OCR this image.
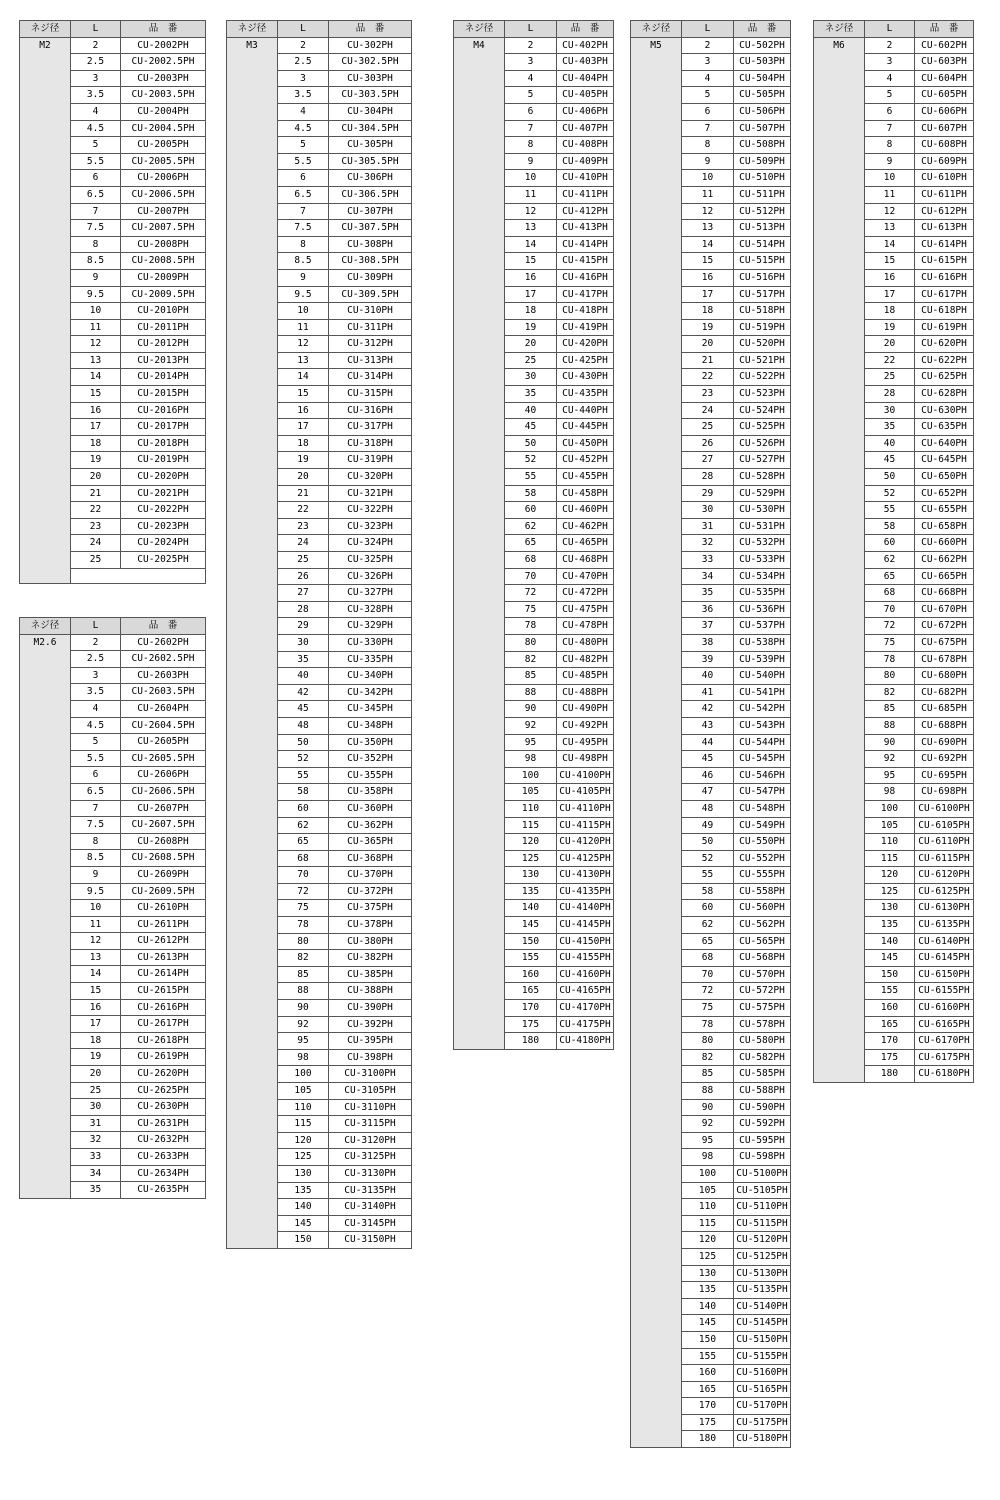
ネジ径	L	品　番
M2	2	CU-2002PH
	2.5	CU-2002.5PH
	3	CU-2003PH
	3.5	CU-2003.5PH
	4	CU-2004PH
	4.5	CU-2004.5PH
	5	CU-2005PH
	5.5	CU-2005.5PH
	6	CU-2006PH
	6.5	CU-2006.5PH
	7	CU-2007PH
	7.5	CU-2007.5PH
	8	CU-2008PH
	8.5	CU-2008.5PH
	9	CU-2009PH
	9.5	CU-2009.5PH
	10	CU-2010PH
	11	CU-2011PH
	12	CU-2012PH
	13	CU-2013PH
	14	CU-2014PH
	15	CU-2015PH
	16	CU-2016PH
	17	CU-2017PH
	18	CU-2018PH
	19	CU-2019PH
	20	CU-2020PH
	21	CU-2021PH
	22	CU-2022PH
	23	CU-2023PH
	24	CU-2024PH
	25	CU-2025PH

ネジ径	L	品　番
M2.6	2	CU-2602PH
	2.5	CU-2602.5PH
	3	CU-2603PH
	3.5	CU-2603.5PH
	4	CU-2604PH
	4.5	CU-2604.5PH
	5	CU-2605PH
	5.5	CU-2605.5PH
	6	CU-2606PH
	6.5	CU-2606.5PH
	7	CU-2607PH
	7.5	CU-2607.5PH
	8	CU-2608PH
	8.5	CU-2608.5PH
	9	CU-2609PH
	9.5	CU-2609.5PH
	10	CU-2610PH
	11	CU-2611PH
	12	CU-2612PH
	13	CU-2613PH
	14	CU-2614PH
	15	CU-2615PH
	16	CU-2616PH
	17	CU-2617PH
	18	CU-2618PH
	19	CU-2619PH
	20	CU-2620PH
	25	CU-2625PH
	30	CU-2630PH
	31	CU-2631PH
	32	CU-2632PH
	33	CU-2633PH
	34	CU-2634PH
	35	CU-2635PH
ネジ径	L	品　番
M3	2	CU-302PH
	2.5	CU-302.5PH
	3	CU-303PH
	3.5	CU-303.5PH
	4	CU-304PH
	4.5	CU-304.5PH
	5	CU-305PH
	5.5	CU-305.5PH
	6	CU-306PH
	6.5	CU-306.5PH
	7	CU-307PH
	7.5	CU-307.5PH
	8	CU-308PH
	8.5	CU-308.5PH
	9	CU-309PH
	9.5	CU-309.5PH
	10	CU-310PH
	11	CU-311PH
	12	CU-312PH
	13	CU-313PH
	14	CU-314PH
	15	CU-315PH
	16	CU-316PH
	17	CU-317PH
	18	CU-318PH
	19	CU-319PH
	20	CU-320PH
	21	CU-321PH
	22	CU-322PH
	23	CU-323PH
	24	CU-324PH
	25	CU-325PH
	26	CU-326PH
	27	CU-327PH
	28	CU-328PH
	29	CU-329PH
	30	CU-330PH
	35	CU-335PH
	40	CU-340PH
	42	CU-342PH
	45	CU-345PH
	48	CU-348PH
	50	CU-350PH
	52	CU-352PH
	55	CU-355PH
	58	CU-358PH
	60	CU-360PH
	62	CU-362PH
	65	CU-365PH
	68	CU-368PH
	70	CU-370PH
	72	CU-372PH
	75	CU-375PH
	78	CU-378PH
	80	CU-380PH
	82	CU-382PH
	85	CU-385PH
	88	CU-388PH
	90	CU-390PH
	92	CU-392PH
	95	CU-395PH
	98	CU-398PH
	100	CU-3100PH
	105	CU-3105PH
	110	CU-3110PH
	115	CU-3115PH
	120	CU-3120PH
	125	CU-3125PH
	130	CU-3130PH
	135	CU-3135PH
	140	CU-3140PH
	145	CU-3145PH
	150	CU-3150PH
ネジ径	L	品　番
M4	2	CU-402PH
	3	CU-403PH
	4	CU-404PH
	5	CU-405PH
	6	CU-406PH
	7	CU-407PH
	8	CU-408PH
	9	CU-409PH
	10	CU-410PH
	11	CU-411PH
	12	CU-412PH
	13	CU-413PH
	14	CU-414PH
	15	CU-415PH
	16	CU-416PH
	17	CU-417PH
	18	CU-418PH
	19	CU-419PH
	20	CU-420PH
	25	CU-425PH
	30	CU-430PH
	35	CU-435PH
	40	CU-440PH
	45	CU-445PH
	50	CU-450PH
	52	CU-452PH
	55	CU-455PH
	58	CU-458PH
	60	CU-460PH
	62	CU-462PH
	65	CU-465PH
	68	CU-468PH
	70	CU-470PH
	72	CU-472PH
	75	CU-475PH
	78	CU-478PH
	80	CU-480PH
	82	CU-482PH
	85	CU-485PH
	88	CU-488PH
	90	CU-490PH
	92	CU-492PH
	95	CU-495PH
	98	CU-498PH
	100	CU-4100PH
	105	CU-4105PH
	110	CU-4110PH
	115	CU-4115PH
	120	CU-4120PH
	125	CU-4125PH
	130	CU-4130PH
	135	CU-4135PH
	140	CU-4140PH
	145	CU-4145PH
	150	CU-4150PH
	155	CU-4155PH
	160	CU-4160PH
	165	CU-4165PH
	170	CU-4170PH
	175	CU-4175PH
	180	CU-4180PH
ネジ径	L	品　番
M5	2	CU-502PH
	3	CU-503PH
	4	CU-504PH
	5	CU-505PH
	6	CU-506PH
	7	CU-507PH
	8	CU-508PH
	9	CU-509PH
	10	CU-510PH
	11	CU-511PH
	12	CU-512PH
	13	CU-513PH
	14	CU-514PH
	15	CU-515PH
	16	CU-516PH
	17	CU-517PH
	18	CU-518PH
	19	CU-519PH
	20	CU-520PH
	21	CU-521PH
	22	CU-522PH
	23	CU-523PH
	24	CU-524PH
	25	CU-525PH
	26	CU-526PH
	27	CU-527PH
	28	CU-528PH
	29	CU-529PH
	30	CU-530PH
	31	CU-531PH
	32	CU-532PH
	33	CU-533PH
	34	CU-534PH
	35	CU-535PH
	36	CU-536PH
	37	CU-537PH
	38	CU-538PH
	39	CU-539PH
	40	CU-540PH
	41	CU-541PH
	42	CU-542PH
	43	CU-543PH
	44	CU-544PH
	45	CU-545PH
	46	CU-546PH
	47	CU-547PH
	48	CU-548PH
	49	CU-549PH
	50	CU-550PH
	52	CU-552PH
	55	CU-555PH
	58	CU-558PH
	60	CU-560PH
	62	CU-562PH
	65	CU-565PH
	68	CU-568PH
	70	CU-570PH
	72	CU-572PH
	75	CU-575PH
	78	CU-578PH
	80	CU-580PH
	82	CU-582PH
	85	CU-585PH
	88	CU-588PH
	90	CU-590PH
	92	CU-592PH
	95	CU-595PH
	98	CU-598PH
	100	CU-5100PH
	105	CU-5105PH
	110	CU-5110PH
	115	CU-5115PH
	120	CU-5120PH
	125	CU-5125PH
	130	CU-5130PH
	135	CU-5135PH
	140	CU-5140PH
	145	CU-5145PH
	150	CU-5150PH
	155	CU-5155PH
	160	CU-5160PH
	165	CU-5165PH
	170	CU-5170PH
	175	CU-5175PH
	180	CU-5180PH
ネジ径	L	品　番
M6	2	CU-602PH
	3	CU-603PH
	4	CU-604PH
	5	CU-605PH
	6	CU-606PH
	7	CU-607PH
	8	CU-608PH
	9	CU-609PH
	10	CU-610PH
	11	CU-611PH
	12	CU-612PH
	13	CU-613PH
	14	CU-614PH
	15	CU-615PH
	16	CU-616PH
	17	CU-617PH
	18	CU-618PH
	19	CU-619PH
	20	CU-620PH
	22	CU-622PH
	25	CU-625PH
	28	CU-628PH
	30	CU-630PH
	35	CU-635PH
	40	CU-640PH
	45	CU-645PH
	50	CU-650PH
	52	CU-652PH
	55	CU-655PH
	58	CU-658PH
	60	CU-660PH
	62	CU-662PH
	65	CU-665PH
	68	CU-668PH
	70	CU-670PH
	72	CU-672PH
	75	CU-675PH
	78	CU-678PH
	80	CU-680PH
	82	CU-682PH
	85	CU-685PH
	88	CU-688PH
	90	CU-690PH
	92	CU-692PH
	95	CU-695PH
	98	CU-698PH
	100	CU-6100PH
	105	CU-6105PH
	110	CU-6110PH
	115	CU-6115PH
	120	CU-6120PH
	125	CU-6125PH
	130	CU-6130PH
	135	CU-6135PH
	140	CU-6140PH
	145	CU-6145PH
	150	CU-6150PH
	155	CU-6155PH
	160	CU-6160PH
	165	CU-6165PH
	170	CU-6170PH
	175	CU-6175PH
	180	CU-6180PH
